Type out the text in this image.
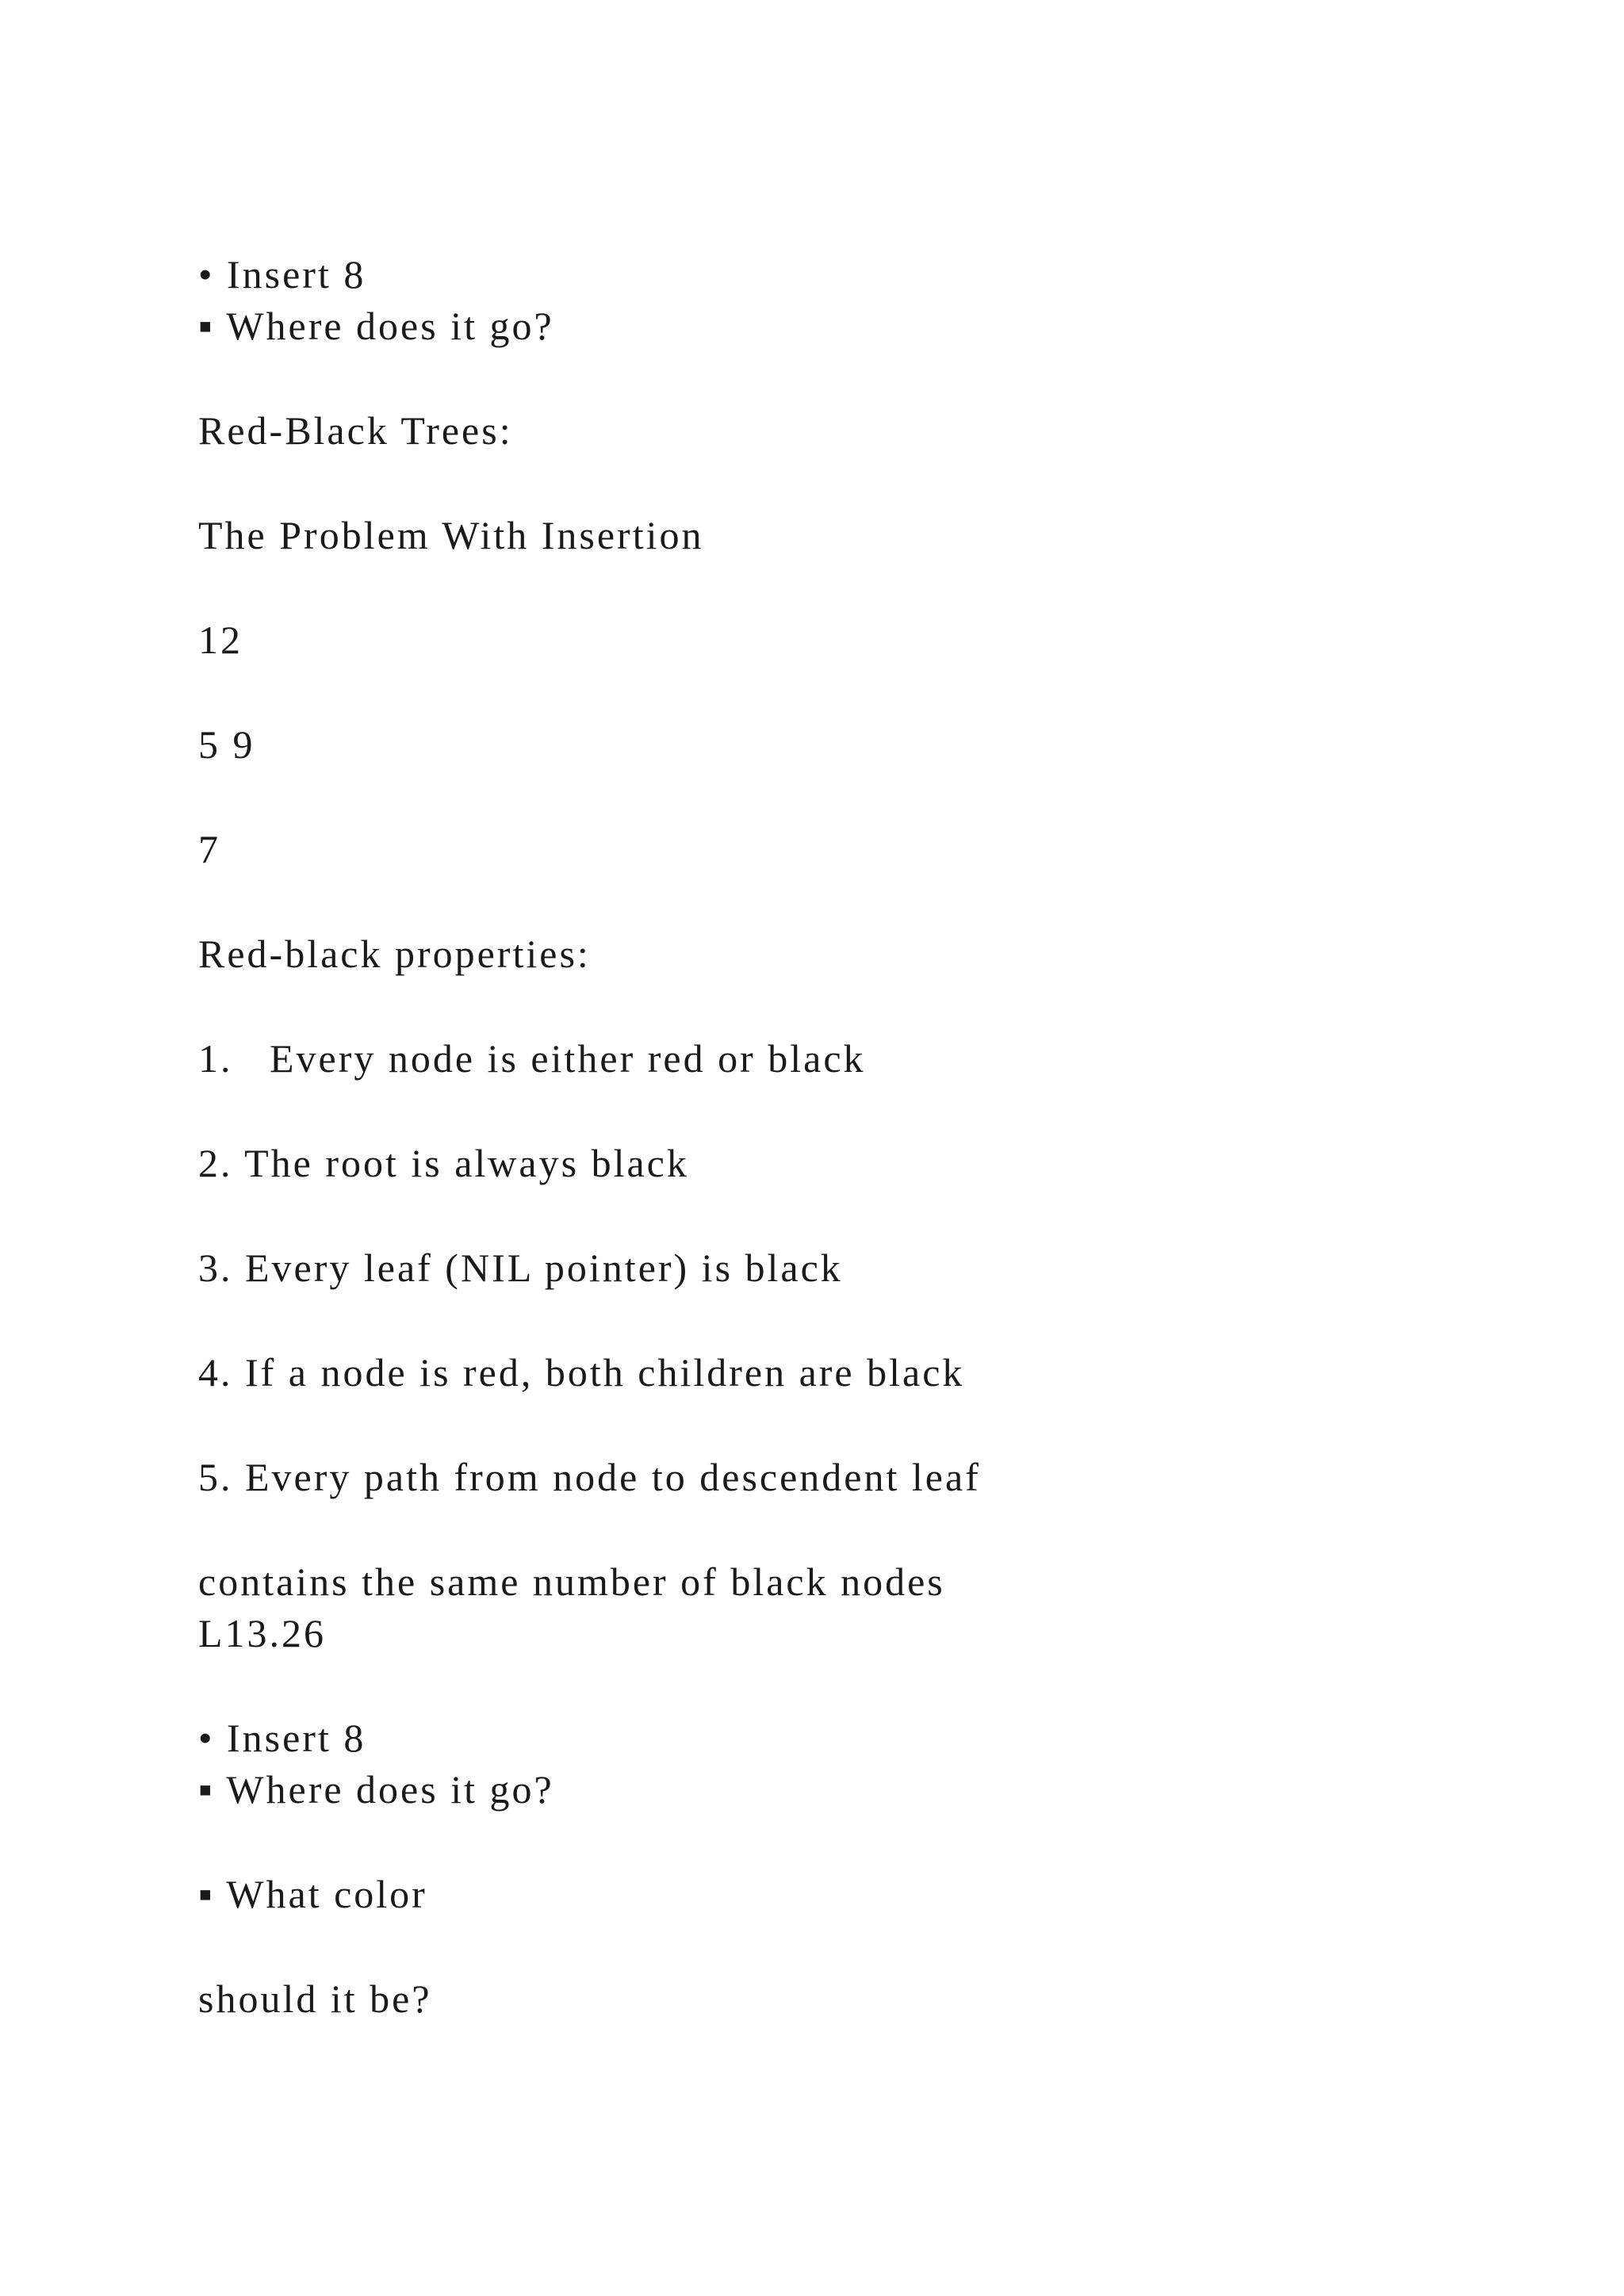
• Insert 8
▪ Where does it go?
Red-Black Trees:
The Problem With Insertion
12
5 9
7
Red-black properties:
1.   Every node is either red or black
2. The root is always black
3. Every leaf (NIL pointer) is black
4. If a node is red, both children are black
5. Every path from node to descendent leaf
contains the same number of black nodes
L13.26
• Insert 8
▪ Where does it go?
▪ What color
should it be?
